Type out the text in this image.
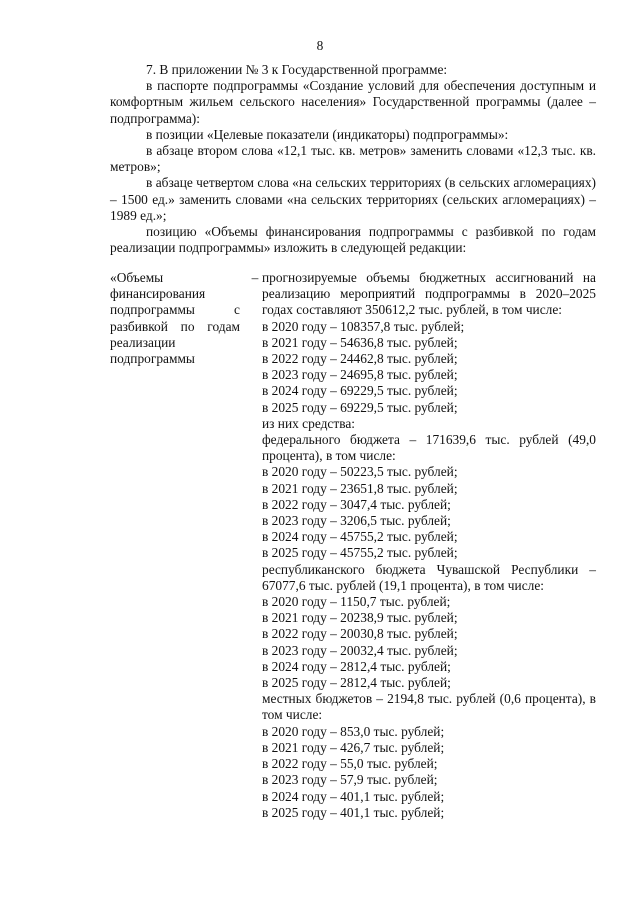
8

7. В приложении № 3 к Государственной программе:

в паспорте подпрограммы «Создание условий для обеспечения доступным и комфортным жильем сельского населения» Государственной программы (далее – подпрограмма):

в позиции «Целевые показатели (индикаторы) подпрограммы»:

в абзаце втором слова «12,1 тыс. кв. метров» заменить словами «12,3 тыс. кв. метров»;

в абзаце четвертом слова «на сельских территориях (в сельских агломерациях) – 1500 ед.» заменить словами «на сельских территориях (сельских агломерациях) – 1989 ед.»;

позицию «Объемы финансирования подпрограммы с разбивкой по годам реализации подпрограммы» изложить в следующей редакции:

«Объемы финансирования подпрограммы с разбивкой по годам реализации подпрограммы
– прогнозируемые объемы бюджетных ассигнований на реализацию мероприятий подпрограммы в 2020–2025 годах составляют 350612,2 тыс. рублей, в том числе:

в 2020 году – 108357,8 тыс. рублей;
в 2021 году – 54636,8 тыс. рублей;
в 2022 году – 24462,8 тыс. рублей;
в 2023 году – 24695,8 тыс. рублей;
в 2024 году – 69229,5 тыс. рублей;
в 2025 году – 69229,5 тыс. рублей;
из них средства:

федерального бюджета – 171639,6 тыс. рублей (49,0 процента), в том числе:

в 2020 году – 50223,5 тыс. рублей;
в 2021 году – 23651,8 тыс. рублей;
в 2022 году – 3047,4 тыс. рублей;
в 2023 году – 3206,5 тыс. рублей;
в 2024 году – 45755,2 тыс. рублей;
в 2025 году – 45755,2 тыс. рублей;

республиканского бюджета Чувашской Республики – 67077,6 тыс. рублей (19,1 процента), в том числе:

в 2020 году – 1150,7 тыс. рублей;
в 2021 году – 20238,9 тыс. рублей;
в 2022 году – 20030,8 тыс. рублей;
в 2023 году – 20032,4 тыс. рублей;
в 2024 году – 2812,4 тыс. рублей;
в 2025 году – 2812,4 тыс. рублей;

местных бюджетов – 2194,8 тыс. рублей (0,6 процента), в том числе:

в 2020 году – 853,0 тыс. рублей;
в 2021 году – 426,7 тыс. рублей;
в 2022 году – 55,0 тыс. рублей;
в 2023 году – 57,9 тыс. рублей;
в 2024 году – 401,1 тыс. рублей;
в 2025 году – 401,1 тыс. рублей;
